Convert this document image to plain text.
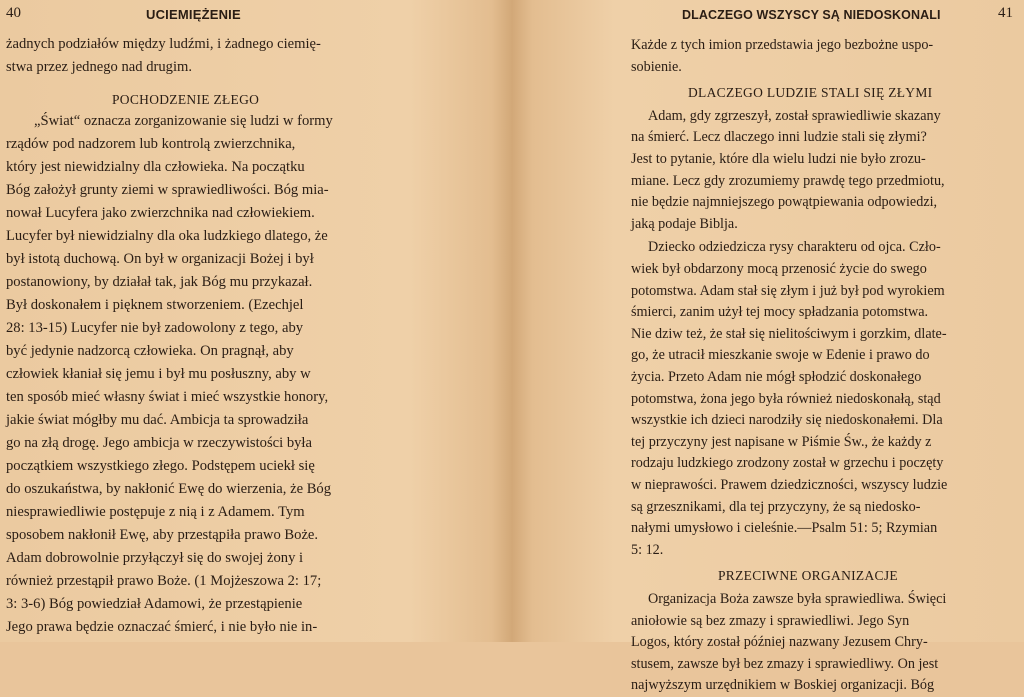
40	UCIEMIĘŻENIE
żadnych podziałów między ludźmi, i żadnego ciemię-
stwa przez jednego nad drugim.
POCHODZENIE ZŁEGO
„Świat“ oznacza zorganizowanie się ludzi w formy
rządów pod nadzorem lub kontrolą zwierzchnika,
który jest niewidzialny dla człowieka. Na początku
Bóg założył grunty ziemi w sprawiedliwości. Bóg mia-
nował Lucyfera jako zwierzchnika nad człowiekiem.
Lucyfer był niewidzialny dla oka ludzkiego dlatego, że
był istotą duchową. On był w organizacji Bożej i był
postanowiony, by działał tak, jak Bóg mu przykazał.
Był doskonałem i pięknem stworzeniem. (Ezechjel
28: 13-15) Lucyfer nie był zadowolony z tego, aby
być jedynie nadzorcą człowieka. On pragnął, aby
człowiek kłaniał się jemu i był mu posłuszny, aby w
ten sposób mieć własny świat i mieć wszystkie honory,
jakie świat mógłby mu dać. Ambicja ta sprowadziła
go na złą drogę. Jego ambicja w rzeczywistości była
początkiem wszystkiego złego. Podstępem uciekł się
do oszukaństwa, by nakłonić Ewę do wierzenia, że Bóg
niesprawiedliwie postępuje z nią i z Adamem. Tym
sposobem nakłonił Ewę, aby przestąpiła prawo Boże.
Adam dobrowolnie przyłączył się do swojej żony i
również przestąpił prawo Boże. (1 Mojżeszowa 2: 17;
3: 3-6) Bóg powiedział Adamowi, że przestąpienie
Jego prawa będzie oznaczać śmierć, i nie było nie in-
DLACZEGO WSZYSCY SĄ NIEDOSKONALI	41
Każde z tych imion przedstawia jego bezbożne uspo-
sobienie.
DLACZEGO LUDZIE STALI SIĘ ZŁYMI
Adam, gdy zgrzeszył, został sprawiedliwie skazany
na śmierć. Lecz dlaczego inni ludzie stali się złymi?
Jest to pytanie, które dla wielu ludzi nie było zrozu-
miane. Lecz gdy zrozumiemy prawdę tego przedmiotu,
nie będzie najmniejszego powątpiewania odpowiedzi,
jaką podaje Biblja.
Dziecko odziedzicza rysy charakteru od ojca. Czło-
wiek był obdarzony mocą przenosić życie do swego
potomstwa. Adam stał się złym i już był pod wyrokiem
śmierci, zanim użył tej mocy spładzania potomstwa.
Nie dziw też, że stał się nielitościwym i gorzkim, dlate-
go, że utracił mieszkanie swoje w Edenie i prawo do
życia. Przeto Adam nie mógł spłodzić doskonałego
potomstwa, żona jego była również niedoskonałą, stąd
wszystkie ich dzieci narodziły się niedoskonałemi. Dla
tej przyczyny jest napisane w Piśmie Św., że każdy z
rodzaju ludzkiego zrodzony został w grzechu i poczęty
w nieprawości. Prawem dziedziczności, wszyscy ludzie
są grzesznikami, dla tej przyczyny, że są niedosko-
nałymi umysłowo i cieleśnie.—Psalm 51: 5; Rzymian
5: 12.
PRZECIWNE ORGANIZACJE
Organizacja Boża zawsze była sprawiedliwa. Święci
aniołowie są bez zmazy i sprawiedliwi. Jego Syn
Logos, który został później nazwany Jezusem Chry-
stusem, zawsze był bez zmazy i sprawiedliwy. On jest
najwyższym urzędnikiem w Boskiej organizacji. Bóg
